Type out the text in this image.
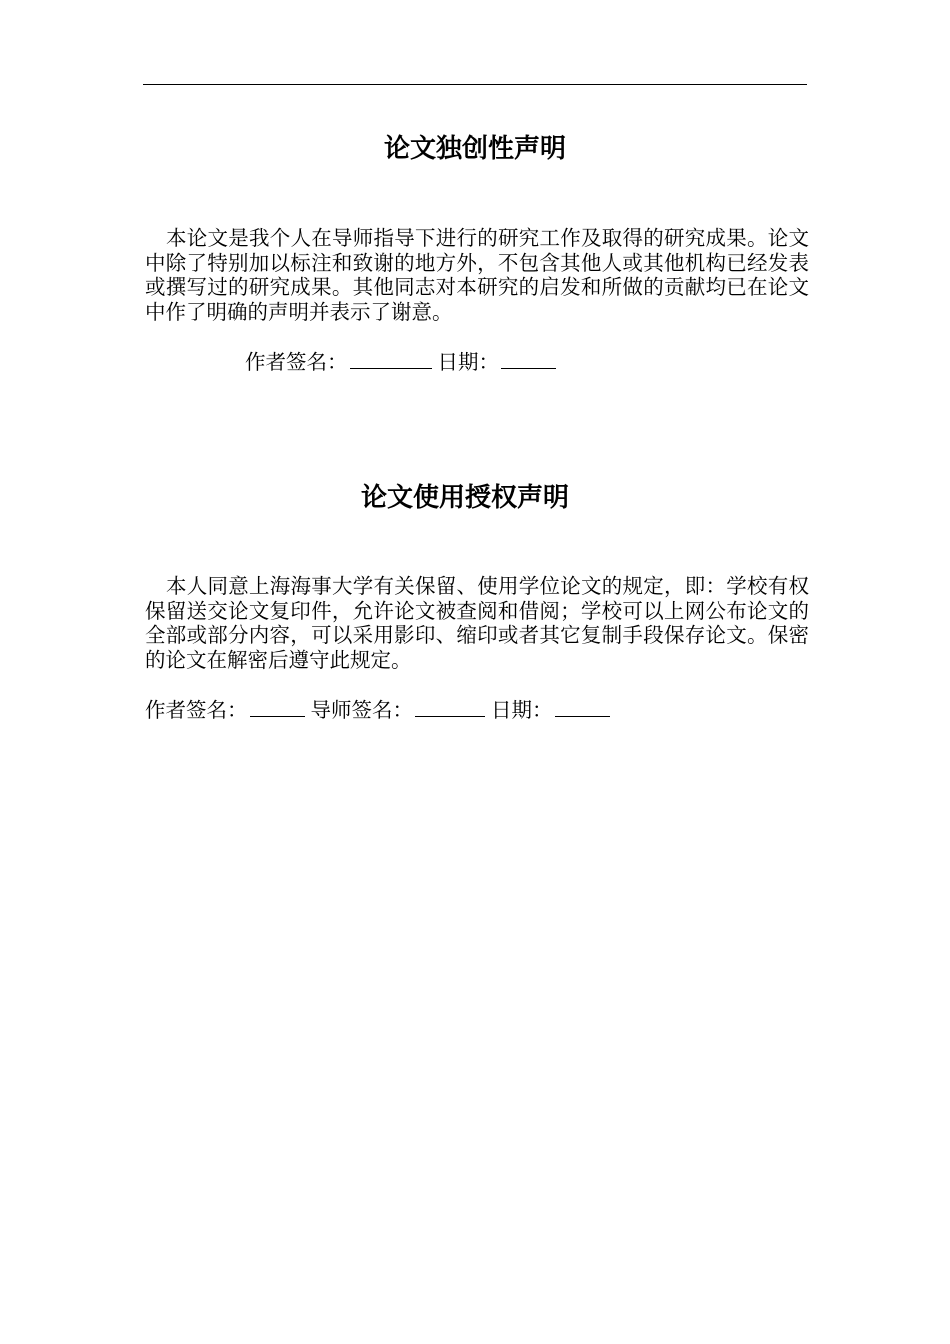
论文独创性声明

本论文是我个人在导师指导下进行的研究工作及取得的研究成果。论文中除了特别加以标注和致谢的地方外，不包含其他人或其他机构已经发表或撰写过的研究成果。其他同志对本研究的启发和所做的贡献均已在论文中作了明确的声明并表示了谢意。

作者签名：	日期：
论文使用授权声明

本人同意上海海事大学有关保留、使用学位论文的规定，即：学校有权保留送交论文复印件，允许论文被查阅和借阅；学校可以上网公布论文的全部或部分内容，可以采用影印、缩印或者其它复制手段保存论文。保密的论文在解密后遵守此规定。

作者签名：	导师签名：	日期：
